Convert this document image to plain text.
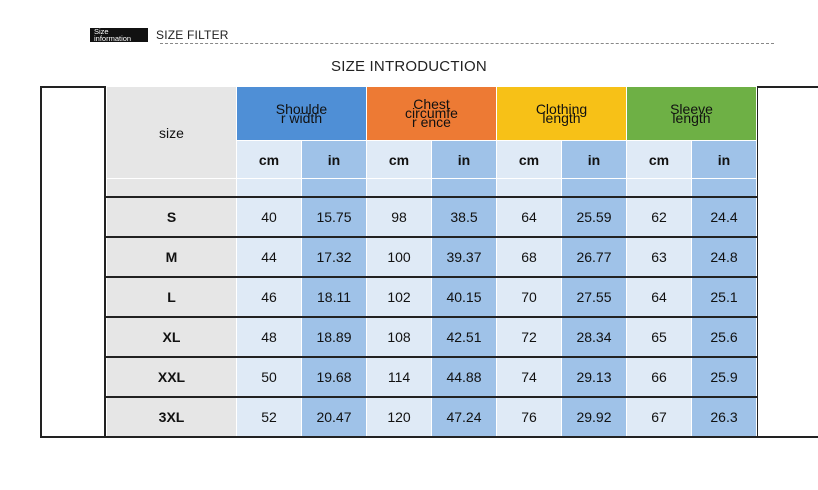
Size
information	SIZE FILTER
SIZE INTRODUCTION
size	Shoulder width		Chest circumfer ence		Clothing length		Sleeve length	
	cm	in	cm	in	cm	in	cm	in

S	40	15.75	98	38.5	64	25.59	62	24.4
M	44	17.32	100	39.37	68	26.77	63	24.8
L	46	18.11	102	40.15	70	27.55	64	25.1
XL	48	18.89	108	42.51	72	28.34	65	25.6
XXL	50	19.68	114	44.88	74	29.13	66	25.9
3XL	52	20.47	120	47.24	76	29.92	67	26.3
